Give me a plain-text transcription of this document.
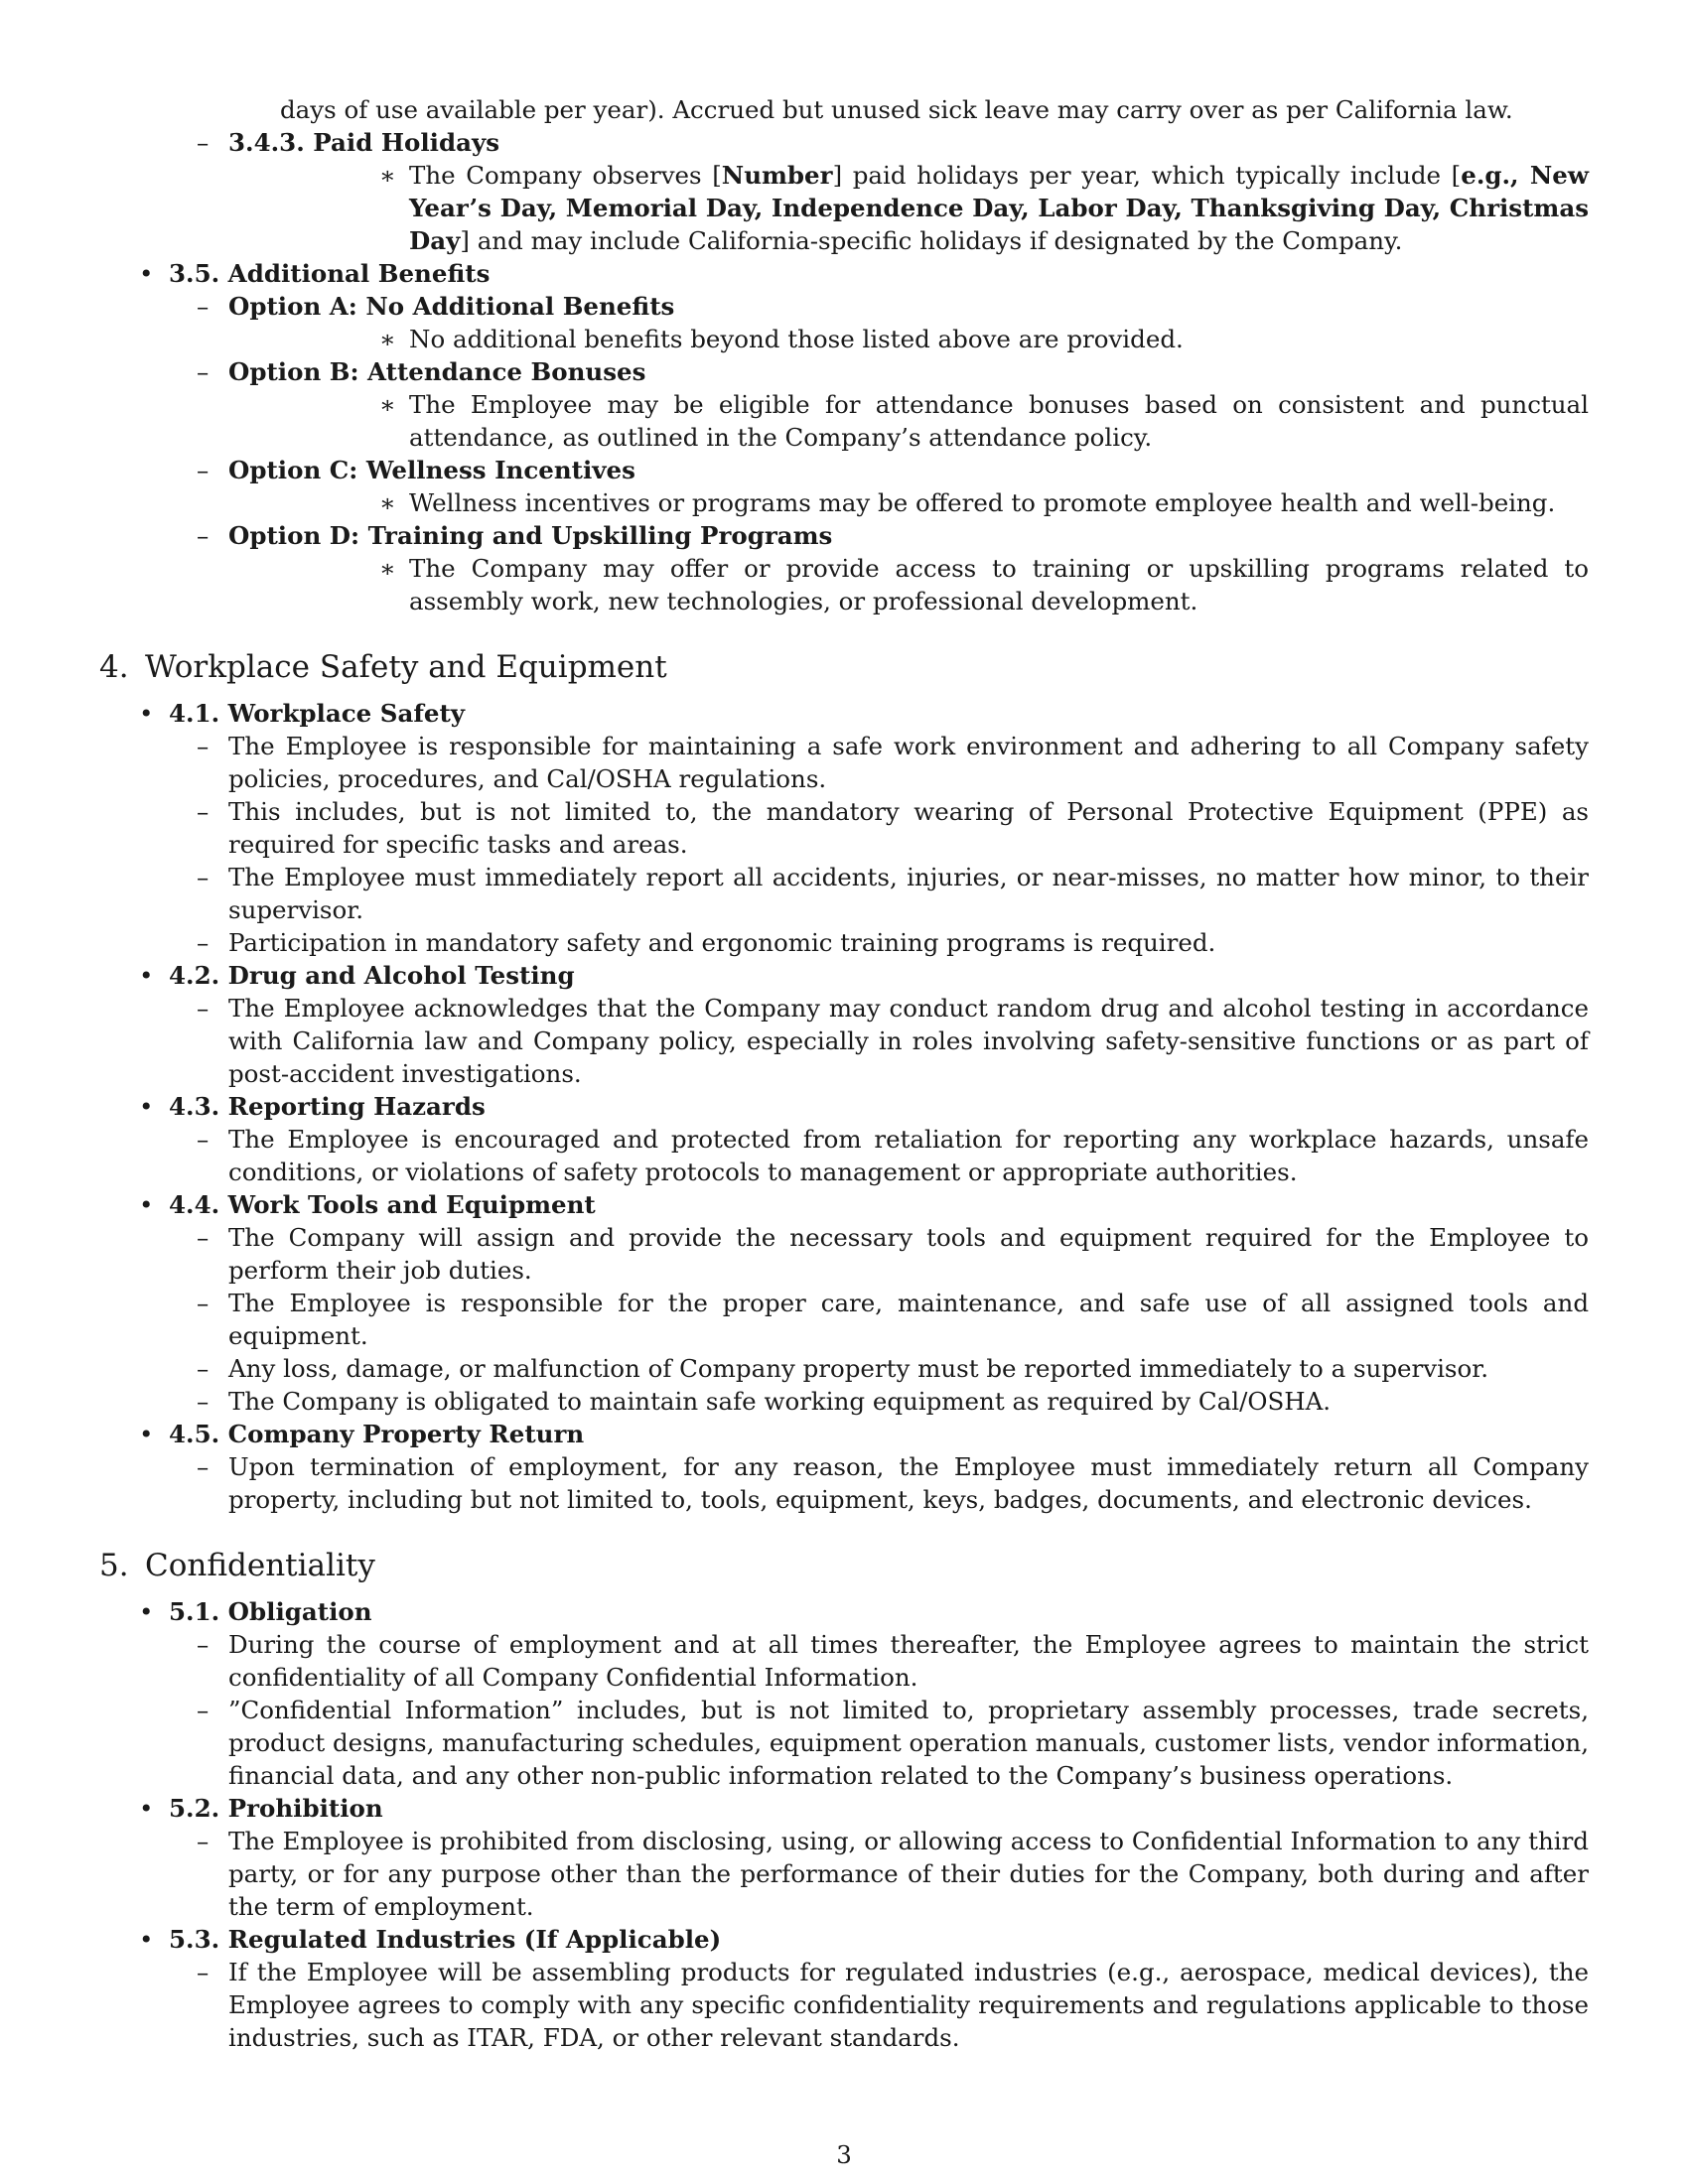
days of use available per year). Accrued but unused sick leave may carry over as per California law.

– 3.4.3. Paid Holidays
∗ The Company observes [Number] paid holidays per year, which typically include [e.g., New Year’s Day, Memorial Day, Independence Day, Labor Day, Thanksgiving Day, Christmas Day] and may include California-specific holidays if designated by the Company.
• 3.5. Additional Benefits
– Option A: No Additional Benefits
∗ No additional benefits beyond those listed above are provided.
– Option B: Attendance Bonuses
∗ The Employee may be eligible for attendance bonuses based on consistent and punctual attendance, as outlined in the Company’s attendance policy.
– Option C: Wellness Incentives
∗ Wellness incentives or programs may be offered to promote employee health and well-being.
– Option D: Training and Upskilling Programs
∗ The Company may offer or provide access to training or upskilling programs related to assembly work, new technologies, or professional development.
4. Workplace Safety and Equipment
• 4.1. Workplace Safety
– The Employee is responsible for maintaining a safe work environment and adhering to all Company safety policies, procedures, and Cal/OSHA regulations.
– This includes, but is not limited to, the mandatory wearing of Personal Protective Equipment (PPE) as required for specific tasks and areas.
– The Employee must immediately report all accidents, injuries, or near-misses, no matter how minor, to their supervisor.
– Participation in mandatory safety and ergonomic training programs is required.
• 4.2. Drug and Alcohol Testing
– The Employee acknowledges that the Company may conduct random drug and alcohol testing in accordance with California law and Company policy, especially in roles involving safety-sensitive functions or as part of post-accident investigations.
• 4.3. Reporting Hazards
– The Employee is encouraged and protected from retaliation for reporting any workplace hazards, unsafe conditions, or violations of safety protocols to management or appropriate authorities.
• 4.4. Work Tools and Equipment
– The Company will assign and provide the necessary tools and equipment required for the Employee to perform their job duties.
– The Employee is responsible for the proper care, maintenance, and safe use of all assigned tools and equipment.
– Any loss, damage, or malfunction of Company property must be reported immediately to a supervisor.
– The Company is obligated to maintain safe working equipment as required by Cal/OSHA.
• 4.5. Company Property Return
– Upon termination of employment, for any reason, the Employee must immediately return all Company property, including but not limited to, tools, equipment, keys, badges, documents, and electronic devices.
5. Confidentiality
• 5.1. Obligation
– During the course of employment and at all times thereafter, the Employee agrees to maintain the strict confidentiality of all Company Confidential Information.
– ”Confidential Information” includes, but is not limited to, proprietary assembly processes, trade secrets, product designs, manufacturing schedules, equipment operation manuals, customer lists, vendor information, financial data, and any other non-public information related to the Company’s business operations.
• 5.2. Prohibition
– The Employee is prohibited from disclosing, using, or allowing access to Confidential Information to any third party, or for any purpose other than the performance of their duties for the Company, both during and after the term of employment.
• 5.3. Regulated Industries (If Applicable)
– If the Employee will be assembling products for regulated industries (e.g., aerospace, medical devices), the Employee agrees to comply with any specific confidentiality requirements and regulations applicable to those industries, such as ITAR, FDA, or other relevant standards.
3
